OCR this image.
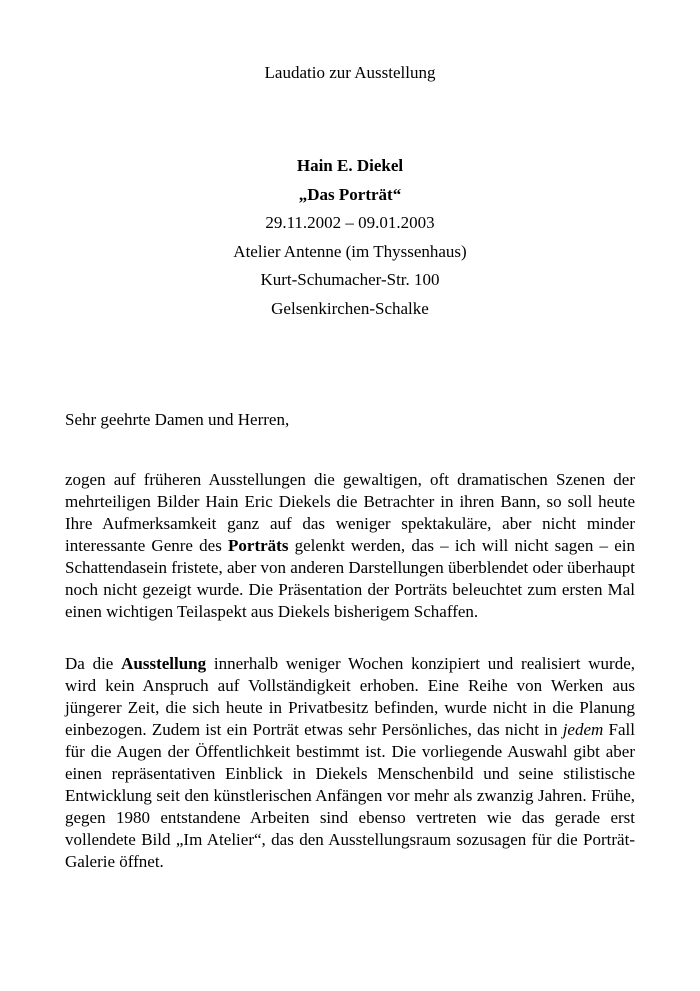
Laudatio zur Ausstellung
Hain E. Diekel
„Das Porträt“
29.11.2002 – 09.01.2003
Atelier Antenne (im Thyssenhaus)
Kurt-Schumacher-Str. 100
Gelsenkirchen-Schalke

Sehr geehrte Damen und Herren,

zogen auf früheren Ausstellungen die gewaltigen, oft dramatischen Szenen der mehrteiligen Bilder Hain Eric Diekels die Betrachter in ihren Bann, so soll heute Ihre Aufmerksamkeit ganz auf das weniger spektakuläre, aber nicht minder interessante Genre des Porträts gelenkt werden, das – ich will nicht sagen – ein Schattendasein fristete, aber von anderen Darstellungen überblendet oder überhaupt noch nicht gezeigt wurde. Die Präsentation der Porträts beleuchtet zum ersten Mal einen wichtigen Teilaspekt aus Diekels bisherigem Schaffen.

Da die Ausstellung innerhalb weniger Wochen konzipiert und realisiert wurde, wird kein Anspruch auf Vollständigkeit erhoben. Eine Reihe von Werken aus jüngerer Zeit, die sich heute in Privatbesitz befinden, wurde nicht in die Planung einbezogen. Zudem ist ein Porträt etwas sehr Persönliches, das nicht in jedem Fall für die Augen der Öffentlichkeit bestimmt ist. Die vorliegende Auswahl gibt aber einen repräsentativen Einblick in Diekels Menschenbild und seine stilistische Entwicklung seit den künstlerischen Anfängen vor mehr als zwanzig Jahren. Frühe, gegen 1980 entstandene Arbeiten sind ebenso vertreten wie das gerade erst vollendete Bild „Im Atelier“, das den Ausstellungsraum sozusagen für die Porträt-Galerie öffnet.
